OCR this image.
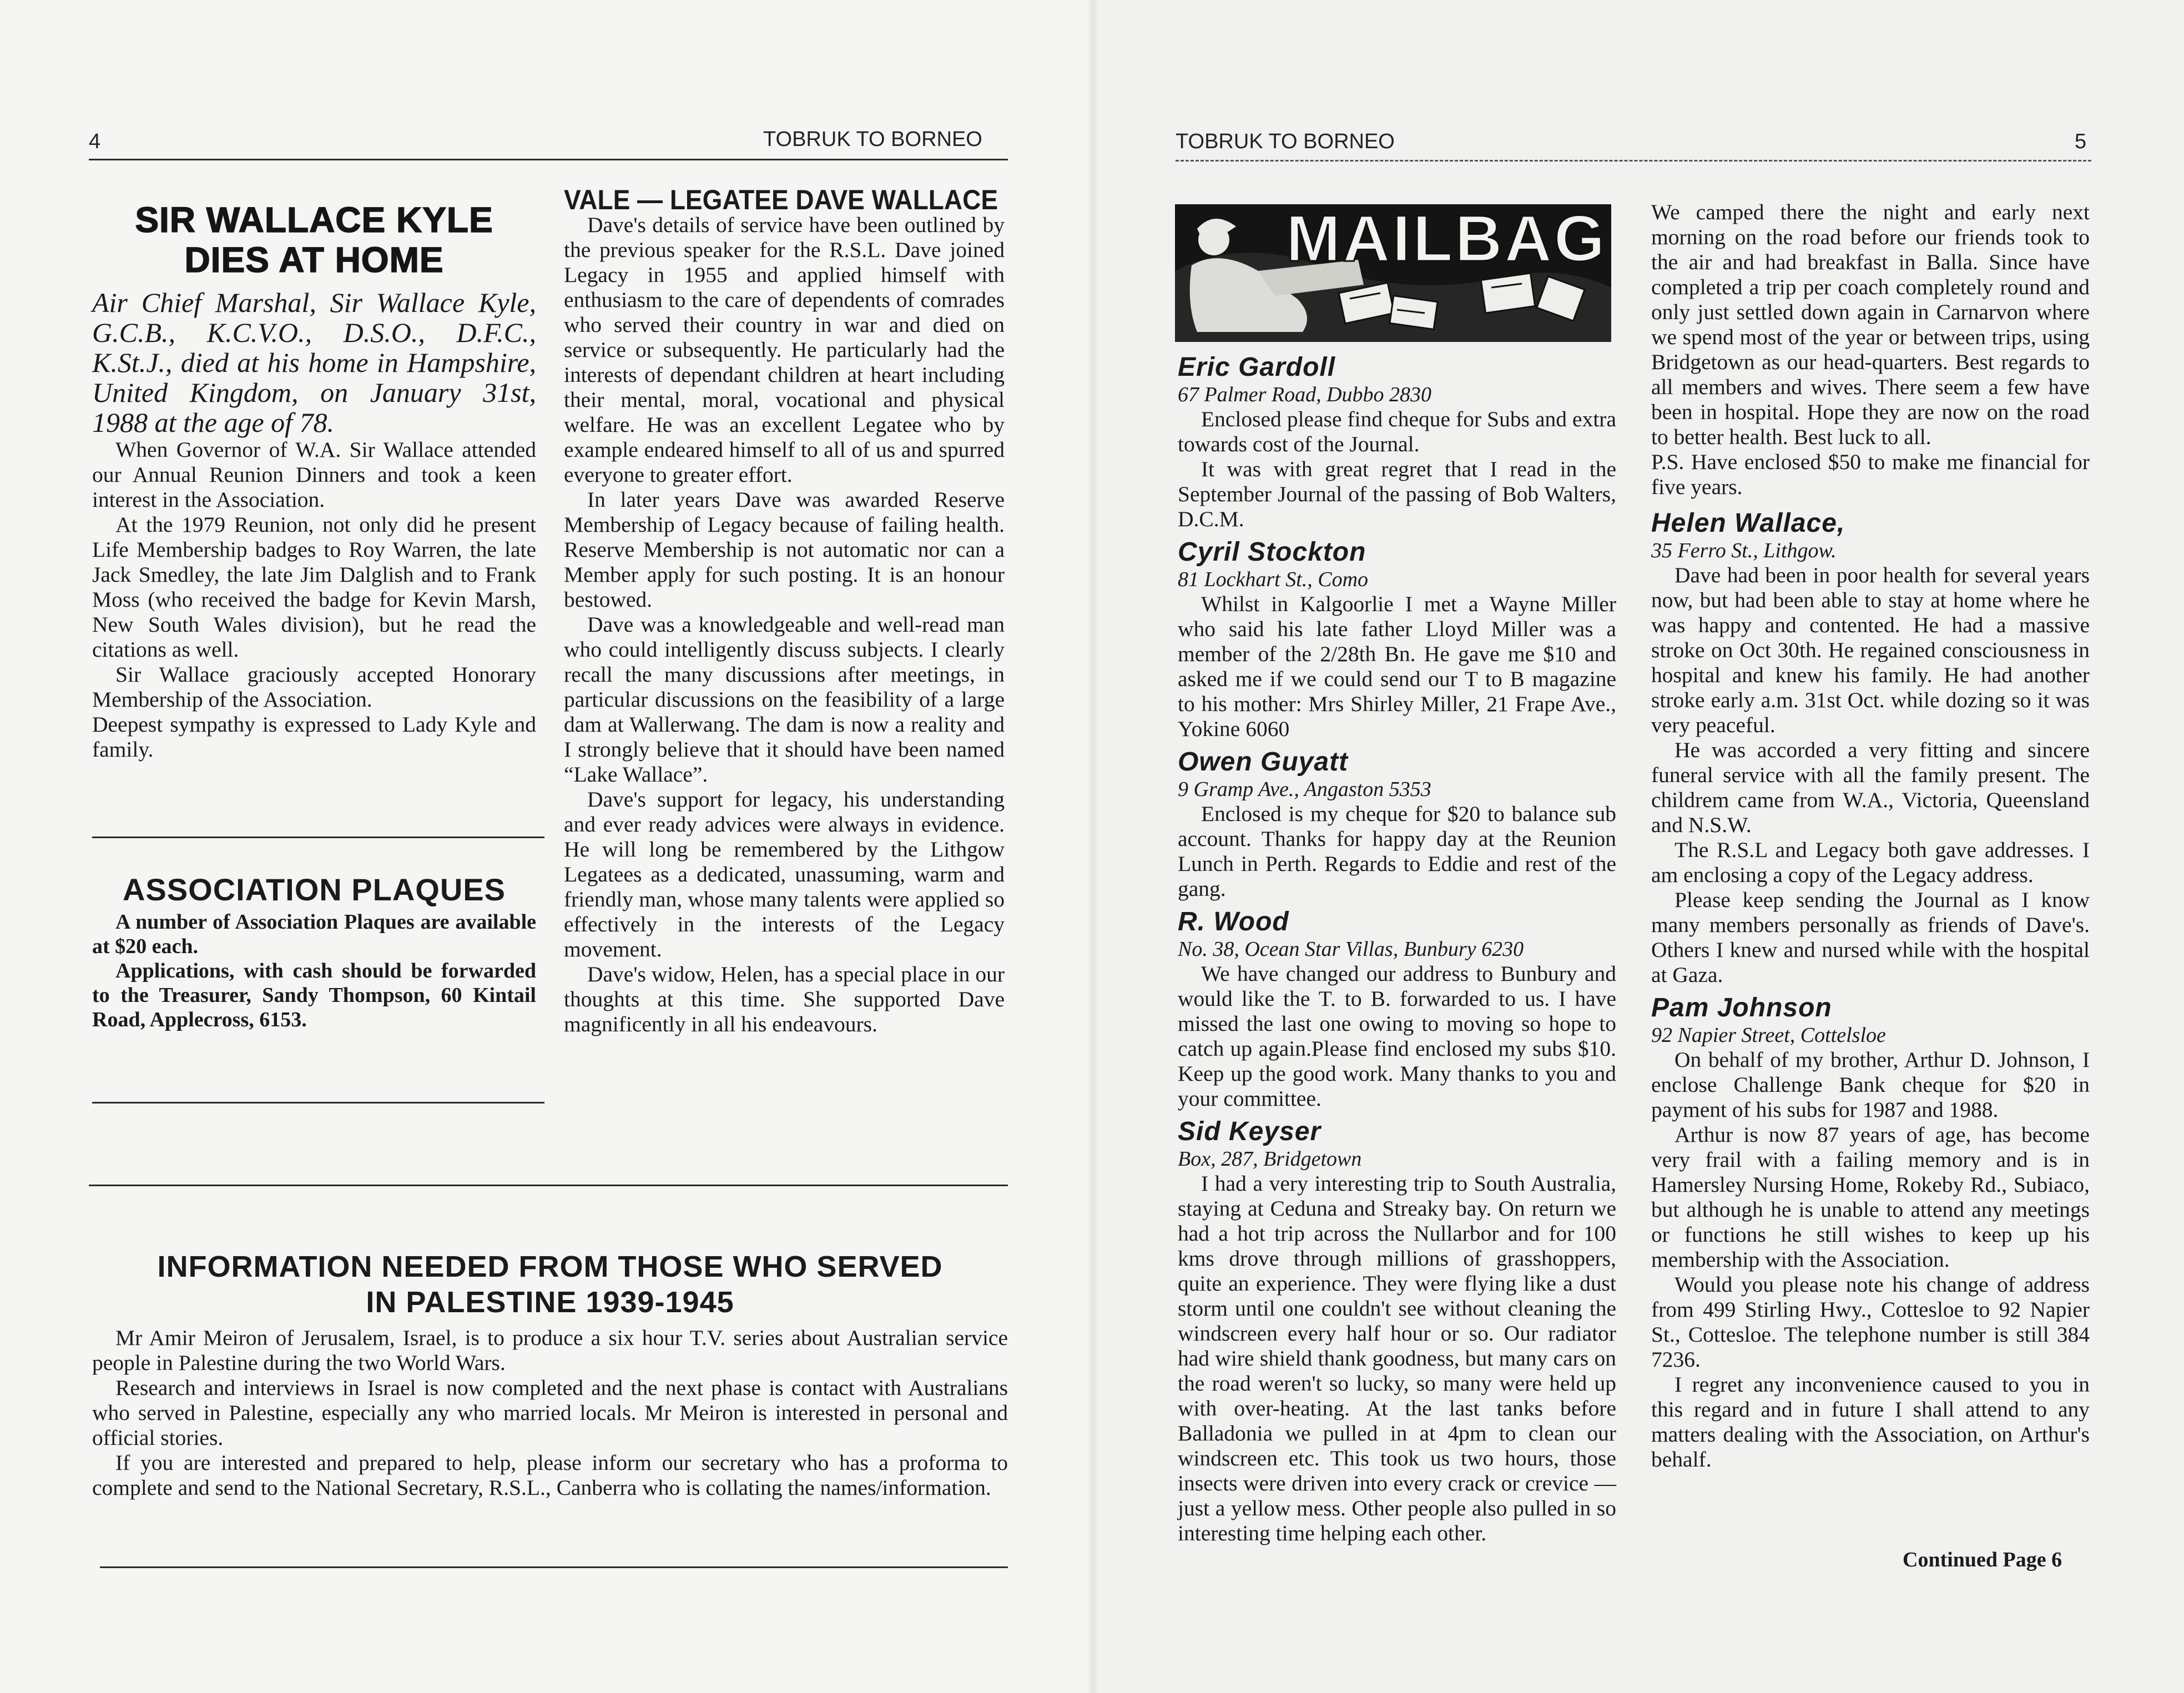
4	TOBRUK TO BORNEO
SIR WALLACE KYLE
DIES AT HOME
Air Chief Marshal, Sir Wallace Kyle, G.C.B., K.C.V.O., D.S.O., D.F.C., K.St.J., died at his home in Hampshire, United Kingdom, on January 31st, 1988 at the age of 78.

When Governor of W.A. Sir Wallace attended our Annual Reunion Dinners and took a keen interest in the Association.

At the 1979 Reunion, not only did he present Life Membership badges to Roy Warren, the late Jack Smedley, the late Jim Dalglish and to Frank Moss (who received the badge for Kevin Marsh, New South Wales division), but he read the citations as well.

Sir Wallace graciously accepted Honorary Membership of the Association.

Deepest sympathy is expressed to Lady Kyle and family.

ASSOCIATION PLAQUES

A number of Association Plaques are available at $20 each.

Applications, with cash should be forwarded to the Treasurer, Sandy Thompson, 60 Kintail Road, Applecross, 6153.

VALE — LEGATEE DAVE WALLACE

Dave's details of service have been outlined by the previous speaker for the R.S.L. Dave joined Legacy in 1955 and applied himself with enthusiasm to the care of dependents of comrades who served their country in war and died on service or subsequently. He particularly had the interests of dependant children at heart including their mental, moral, vocational and physical welfare. He was an excellent Legatee who by example endeared himself to all of us and spurred everyone to greater effort.

In later years Dave was awarded Reserve Membership of Legacy because of failing health. Reserve Membership is not automatic nor can a Member apply for such posting. It is an honour bestowed.

Dave was a knowledgeable and well-read man who could intelligently discuss subjects. I clearly recall the many discussions after meetings, in particular discussions on the feasibility of a large dam at Wallerwang. The dam is now a reality and I strongly believe that it should have been named “Lake Wallace”.

Dave's support for legacy, his understanding and ever ready advices were always in evidence. He will long be remembered by the Lithgow Legatees as a dedicated, unassuming, warm and friendly man, whose many talents were applied so effectively in the interests of the Legacy movement.

Dave's widow, Helen, has a special place in our thoughts at this time. She supported Dave magnificently in all his endeavours.

INFORMATION NEEDED FROM THOSE WHO SERVED
IN PALESTINE 1939-1945

Mr Amir Meiron of Jerusalem, Israel, is to produce a six hour T.V. series about Australian service people in Palestine during the two World Wars.

Research and interviews in Israel is now completed and the next phase is contact with Australians who served in Palestine, especially any who married locals. Mr Meiron is interested in personal and official stories.

If you are interested and prepared to help, please inform our secretary who has a proforma to complete and send to the National Secretary, R.S.L., Canberra who is collating the names/information.

TOBRUK TO BORNEO	5
MAILBAG
Eric Gardoll
67 Palmer Road, Dubbo 2830

Enclosed please find cheque for Subs and extra towards cost of the Journal.

It was with great regret that I read in the September Journal of the passing of Bob Walters, D.C.M.

Cyril Stockton
81 Lockhart St., Como

Whilst in Kalgoorlie I met a Wayne Miller who said his late father Lloyd Miller was a member of the 2/28th Bn. He gave me $10 and asked me if we could send our T to B magazine to his mother: Mrs Shirley Miller, 21 Frape Ave., Yokine 6060

Owen Guyatt
9 Gramp Ave., Angaston 5353

Enclosed is my cheque for $20 to balance sub account. Thanks for happy day at the Reunion Lunch in Perth. Regards to Eddie and rest of the gang.

R. Wood
No. 38, Ocean Star Villas, Bunbury 6230

We have changed our address to Bunbury and would like the T. to B. forwarded to us. I have missed the last one owing to moving so hope to catch up again.Please find enclosed my subs $10. Keep up the good work. Many thanks to you and your committee.

Sid Keyser
Box, 287, Bridgetown

I had a very interesting trip to South Australia, staying at Ceduna and Streaky bay. On return we had a hot trip across the Nullarbor and for 100 kms drove through millions of grasshoppers, quite an experience. They were flying like a dust storm until one couldn't see without cleaning the windscreen every half hour or so. Our radiator had wire shield thank goodness, but many cars on the road weren't so lucky, so many were held up with over-heating. At the last tanks before Balladonia we pulled in at 4pm to clean our windscreen etc. This took us two hours, those insects were driven into every crack or crevice — just a yellow mess. Other people also pulled in so interesting time helping each other.

We camped there the night and early next morning on the road before our friends took to the air and had breakfast in Balla. Since have completed a trip per coach completely round and only just settled down again in Carnarvon where we spend most of the year or between trips, using Bridgetown as our head-quarters. Best regards to all members and wives. There seem a few have been in hospital. Hope they are now on the road to better health. Best luck to all.

P.S. Have enclosed $50 to make me financial for five years.

Helen Wallace,
35 Ferro St., Lithgow.

Dave had been in poor health for several years now, but had been able to stay at home where he was happy and contented. He had a massive stroke on Oct 30th. He regained consciousness in hospital and knew his family. He had another stroke early a.m. 31st Oct. while dozing so it was very peaceful.

He was accorded a very fitting and sincere funeral service with all the family present. The childrem came from W.A., Victoria, Queensland and N.S.W.

The R.S.L and Legacy both gave addresses. I am enclosing a copy of the Legacy address.

Please keep sending the Journal as I know many members personally as friends of Dave's. Others I knew and nursed while with the hospital at Gaza.

Pam Johnson
92 Napier Street, Cottelsloe

On behalf of my brother, Arthur D. Johnson, I enclose Challenge Bank cheque for $20 in payment of his subs for 1987 and 1988.

Arthur is now 87 years of age, has become very frail with a failing memory and is in Hamersley Nursing Home, Rokeby Rd., Subiaco, but although he is unable to attend any meetings or functions he still wishes to keep up his membership with the Association.

Would you please note his change of address from 499 Stirling Hwy., Cottesloe to 92 Napier St., Cottesloe. The telephone number is still 384 7236.

I regret any inconvenience caused to you in this regard and in future I shall attend to any matters dealing with the Association, on Arthur's behalf.

Continued Page 6
